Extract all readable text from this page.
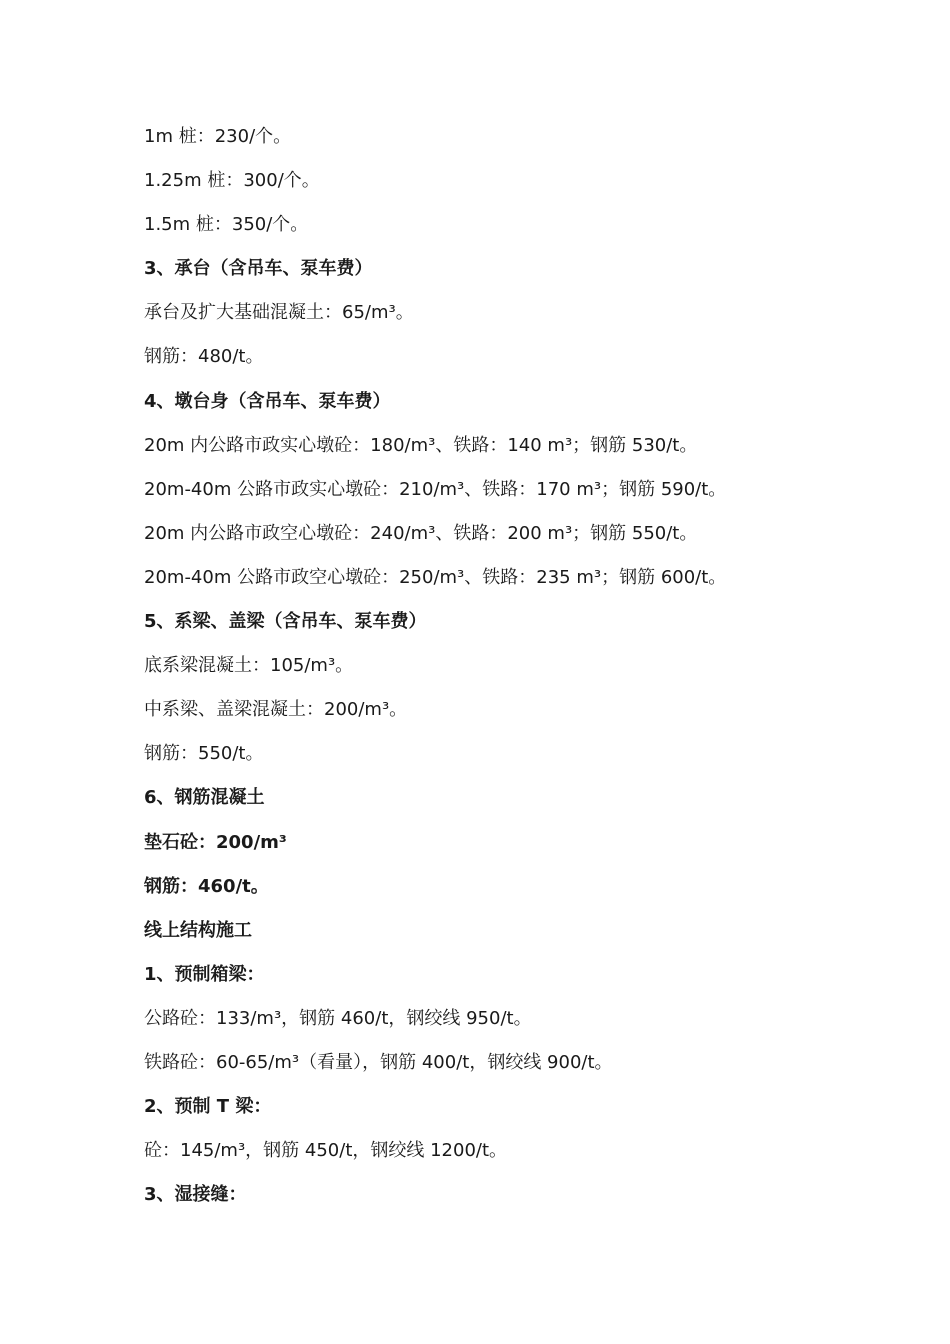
1m 桩：230/个。
1.25m 桩：300/个。
1.5m 桩：350/个。
3、承台（含吊车、泵车费）
承台及扩大基础混凝土：65/m³。
钢筋：480/t。
4、墩台身（含吊车、泵车费）
20m 内公路市政实心墩砼：180/m³、铁路：140 m³；钢筋 530/t。
20m-40m 公路市政实心墩砼：210/m³、铁路：170 m³；钢筋 590/t。
20m 内公路市政空心墩砼：240/m³、铁路：200 m³；钢筋 550/t。
20m-40m 公路市政空心墩砼：250/m³、铁路：235 m³；钢筋 600/t。
5、系梁、盖梁（含吊车、泵车费）
底系梁混凝土：105/m³。
中系梁、盖梁混凝土：200/m³。
钢筋：550/t。
6、钢筋混凝土
垫石砼：200/m³
钢筋：460/t。
线上结构施工
1、预制箱梁：
公路砼：133/m³，钢筋 460/t，钢绞线 950/t。
铁路砼：60-65/m³（看量），钢筋 400/t，钢绞线 900/t。
2、预制 T 梁：
砼：145/m³，钢筋 450/t，钢绞线 1200/t。
3、湿接缝：
